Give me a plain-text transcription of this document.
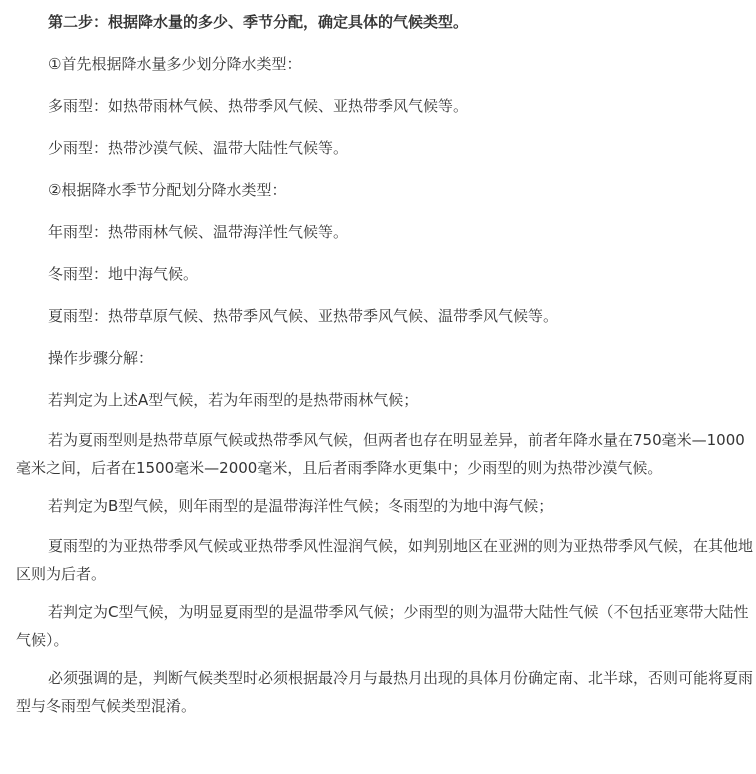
第二步：根据降水量的多少、季节分配，确定具体的气候类型。

①首先根据降水量多少划分降水类型：

多雨型：如热带雨林气候、热带季风气候、亚热带季风气候等。

少雨型：热带沙漠气候、温带大陆性气候等。

②根据降水季节分配划分降水类型：

年雨型：热带雨林气候、温带海洋性气候等。

冬雨型：地中海气候。

夏雨型：热带草原气候、热带季风气候、亚热带季风气候、温带季风气候等。

操作步骤分解：

若判定为上述A型气候，若为年雨型的是热带雨林气候；

若为夏雨型则是热带草原气候或热带季风气候，但两者也存在明显差异，前者年降水量在750毫米—1000毫米之间，后者在1500毫米—2000毫米，且后者雨季降水更集中；少雨型的则为热带沙漠气候。

若判定为B型气候，则年雨型的是温带海洋性气候；冬雨型的为地中海气候；

夏雨型的为亚热带季风气候或亚热带季风性湿润气候，如判别地区在亚洲的则为亚热带季风气候，在其他地区则为后者。

若判定为C型气候，为明显夏雨型的是温带季风气候；少雨型的则为温带大陆性气候（不包括亚寒带大陆性气候）。

必须强调的是，判断气候类型时必须根据最冷月与最热月出现的具体月份确定南、北半球，否则可能将夏雨型与冬雨型气候类型混淆。
